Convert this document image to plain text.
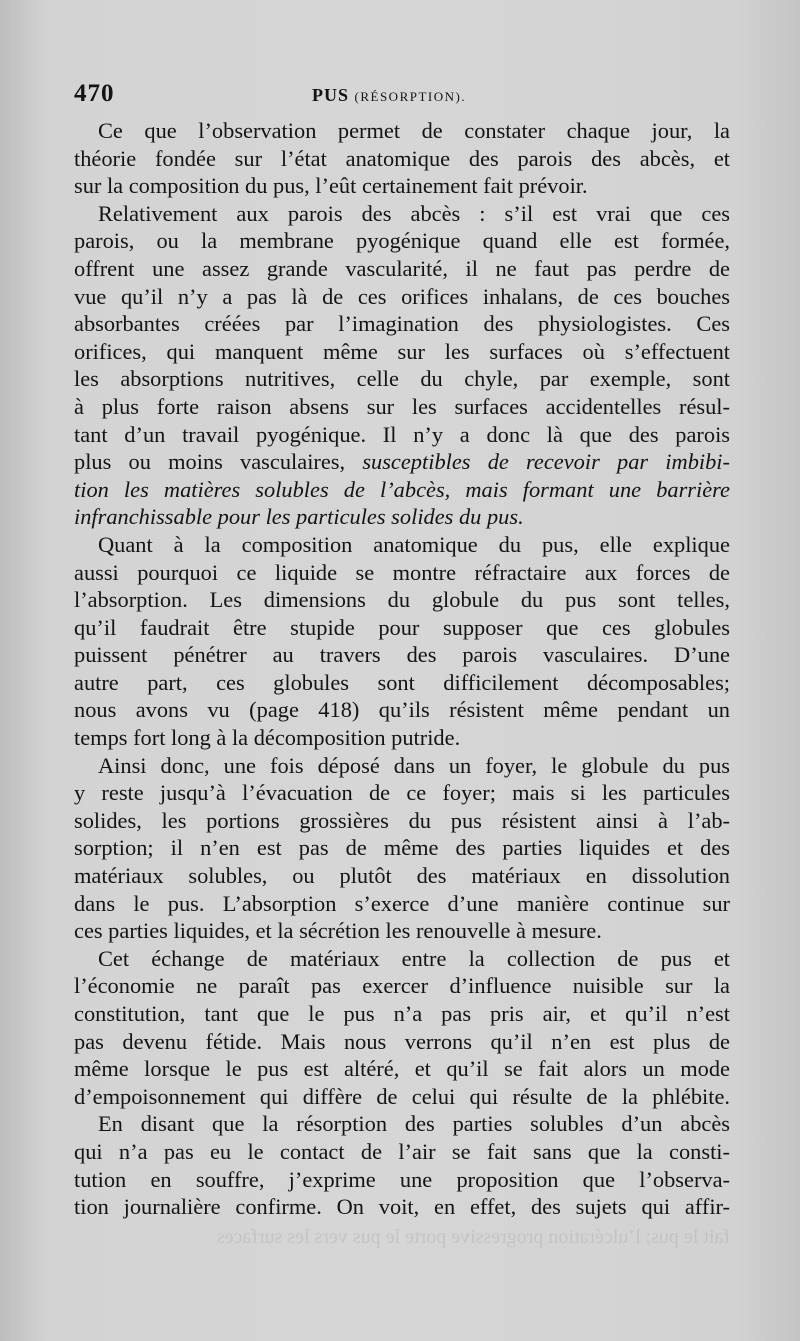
470	PUS (RÉSORPTION).
Ce que l’observation permet de constater chaque jour, la
théorie fondée sur l’état anatomique des parois des abcès, et
sur la composition du pus, l’eût certainement fait prévoir.
Relativement aux parois des abcès : s’il est vrai que ces
parois, ou la membrane pyogénique quand elle est formée,
offrent une assez grande vascularité, il ne faut pas perdre de
vue qu’il n’y a pas là de ces orifices inhalans, de ces bouches
absorbantes créées par l’imagination des physiologistes. Ces
orifices, qui manquent même sur les surfaces où s’effectuent
les absorptions nutritives, celle du chyle, par exemple, sont
à plus forte raison absens sur les surfaces accidentelles résul-
tant d’un travail pyogénique. Il n’y a donc là que des parois
plus ou moins vasculaires, susceptibles de recevoir par imbibi-
tion les matières solubles de l’abcès, mais formant une barrière
infranchissable pour les particules solides du pus.
Quant à la composition anatomique du pus, elle explique
aussi pourquoi ce liquide se montre réfractaire aux forces de
l’absorption. Les dimensions du globule du pus sont telles,
qu’il faudrait être stupide pour supposer que ces globules
puissent pénétrer au travers des parois vasculaires. D’une
autre part, ces globules sont difficilement décomposables;
nous avons vu (page 418) qu’ils résistent même pendant un
temps fort long à la décomposition putride.
Ainsi donc, une fois déposé dans un foyer, le globule du pus
y reste jusqu’à l’évacuation de ce foyer; mais si les particules
solides, les portions grossières du pus résistent ainsi à l’ab-
sorption; il n’en est pas de même des parties liquides et des
matériaux solubles, ou plutôt des matériaux en dissolution
dans le pus. L’absorption s’exerce d’une manière continue sur
ces parties liquides, et la sécrétion les renouvelle à mesure.
Cet échange de matériaux entre la collection de pus et
l’économie ne paraît pas exercer d’influence nuisible sur la
constitution, tant que le pus n’a pas pris air, et qu’il n’est
pas devenu fétide. Mais nous verrons qu’il n’en est plus de
même lorsque le pus est altéré, et qu’il se fait alors un mode
d’empoisonnement qui diffère de celui qui résulte de la phlébite.
En disant que la résorption des parties solubles d’un abcès
qui n’a pas eu le contact de l’air se fait sans que la consti-
tution en souffre, j’exprime une proposition que l’observa-
tion journalière confirme. On voit, en effet, des sujets qui affir-
fait le pus; l’ulcération progressive porte le pus vers les surfaces
